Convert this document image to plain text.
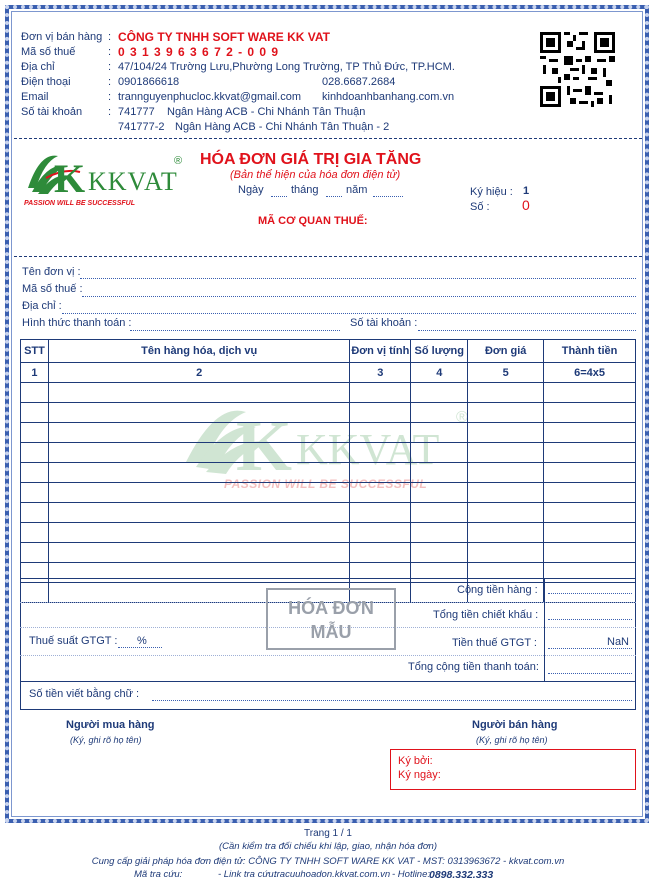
K KKVAT
®
PASSION WILL BE SUCCESSFUL
Đơn vị bán hàng : CÔNG TY TNHH SOFT WARE KK VAT
Mã số thuế	: 0 3 1 3 9 6 3 6 7 2 - 0 0 9
Địa chỉ	: 47/104/24 Trường Lưu,Phường Long Trường, TP Thủ Đức, TP.HCM.
Điện thoại	: 0901866618	028.6687.2684
Email	: trannguyenphucloc.kkvat@gmail.com kinhdoanhbanhang.com.vn
Số tài khoản : 741777 Ngân Hàng ACB - Chi Nhánh Tân Thuận
741777-2 Ngân Hàng ACB - Chi Nhánh Tân Thuận - 2
K KKVAT
®
PASSION WILL BE SUCCESSFUL
HÓA ĐƠN GIÁ TRỊ GIA TĂNG
(Bản thể hiện của hóa đơn điện tử)
Ngày tháng năm	Ký hiệu : 1
Số : 0
MÃ CƠ QUAN THUẾ:
Tên đơn vị :
Mã số thuế :
Địa chỉ :
Hình thức thanh toán :	Số tài khoản :
STT	Tên hàng hóa, dịch vụ	Đơn vị tính	Số lượng	Đơn giá	Thành tiền
1	2	3	4	5	6=4x5

Cộng tiền hàng :
Tổng tiền chiết khấu :
Thuế suất GTGT : %	Tiền thuế GTGT :	NaN
Tổng cộng tiền thanh toán:
Số tiền viết bằng chữ :
HÓA ĐƠN
MẪU
Người mua hàng
(Ký, ghi rõ họ tên)
Người bán hàng
(Ký, ghi rõ họ tên)
Ký bởi:
Ký ngày:
Trang 1 / 1
(Cần kiểm tra đối chiếu khi lập, giao, nhận hóa đơn)
Cung cấp giải pháp hóa đơn điện tử: CÔNG TY TNHH SOFT WARE KK VAT - MST: 0313963672 - kkvat.com.vn
Mã tra cứu:	- Link tra cứu:
tracuuhoadon.kkvat.com.vn - Hotline:
0898.332.333
